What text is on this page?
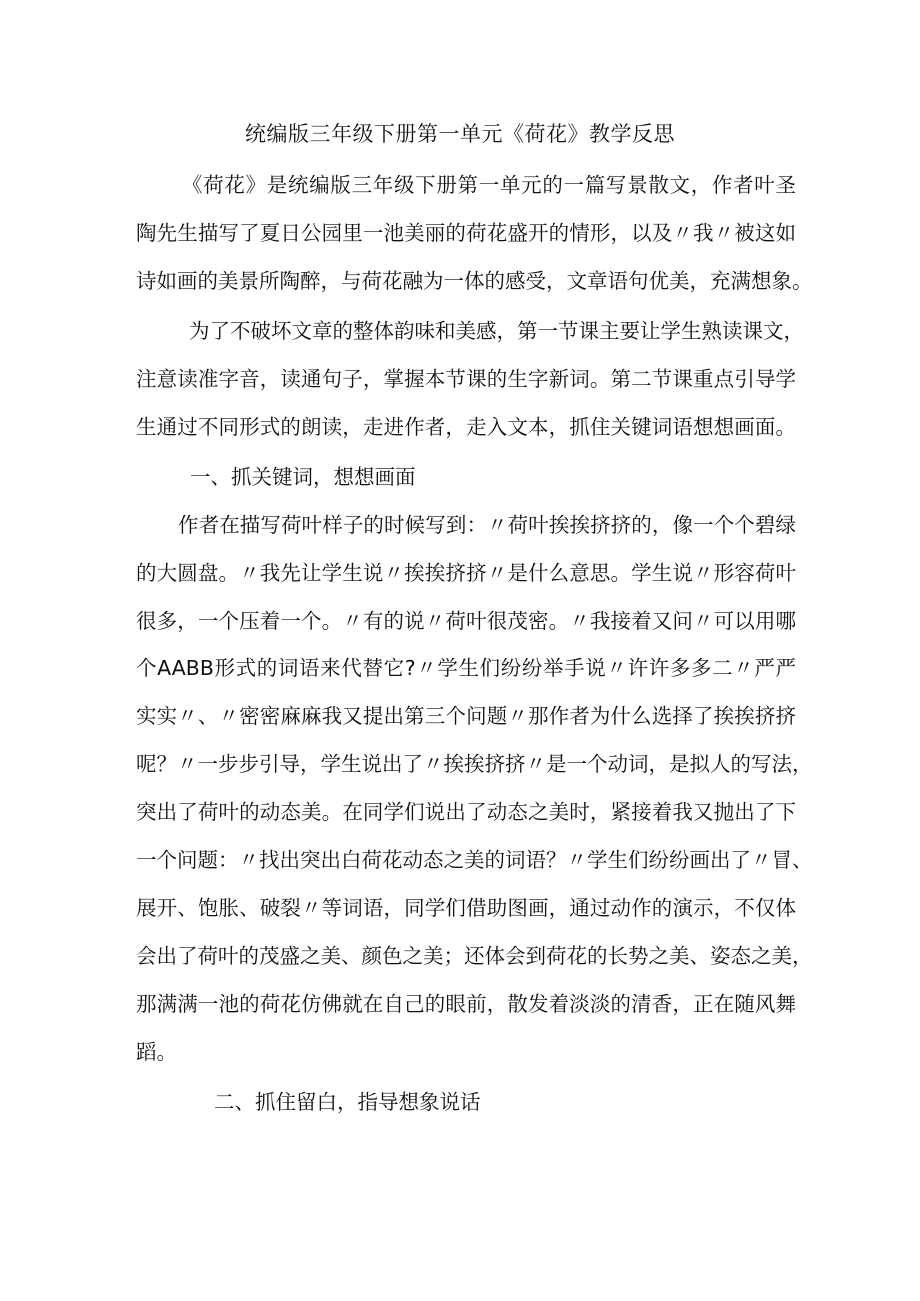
统编版三年级下册第一单元《荷花》教学反思

《荷花》是统编版三年级下册第一单元的一篇写景散文，作者叶圣

陶先生描写了夏日公园里一池美丽的荷花盛开的情形，以及〃我〃被这如

诗如画的美景所陶醉，与荷花融为一体的感受，文章语句优美，充满想象。

为了不破坏文章的整体韵味和美感，第一节课主要让学生熟读课文，

注意读准字音，读通句子，掌握本节课的生字新词。第二节课重点引导学

生通过不同形式的朗读，走进作者，走入文本，抓住关键词语想想画面。

一、抓关键词，想想画面

作者在描写荷叶样子的时候写到：〃荷叶挨挨挤挤的，像一个个碧绿

的大圆盘。〃我先让学生说〃挨挨挤挤〃是什么意思。学生说〃形容荷叶

很多，一个压着一个。〃有的说〃荷叶很茂密。〃我接着又问〃可以用哪

个AABB形式的词语来代替它?〃学生们纷纷举手说〃许许多多二〃严严

实实〃、〃密密麻麻我又提出第三个问题〃那作者为什么选择了挨挨挤挤

呢？〃一步步引导，学生说出了〃挨挨挤挤〃是一个动词，是拟人的写法，

突出了荷叶的动态美。在同学们说出了动态之美时，紧接着我又抛出了下

一个问题：〃找出突出白荷花动态之美的词语？〃学生们纷纷画出了〃冒、

展开、饱胀、破裂〃等词语，同学们借助图画，通过动作的演示，不仅体

会出了荷叶的茂盛之美、颜色之美；还体会到荷花的长势之美、姿态之美，

那满满一池的荷花仿佛就在自己的眼前，散发着淡淡的清香，正在随风舞

蹈。

二、抓住留白，指导想象说话
